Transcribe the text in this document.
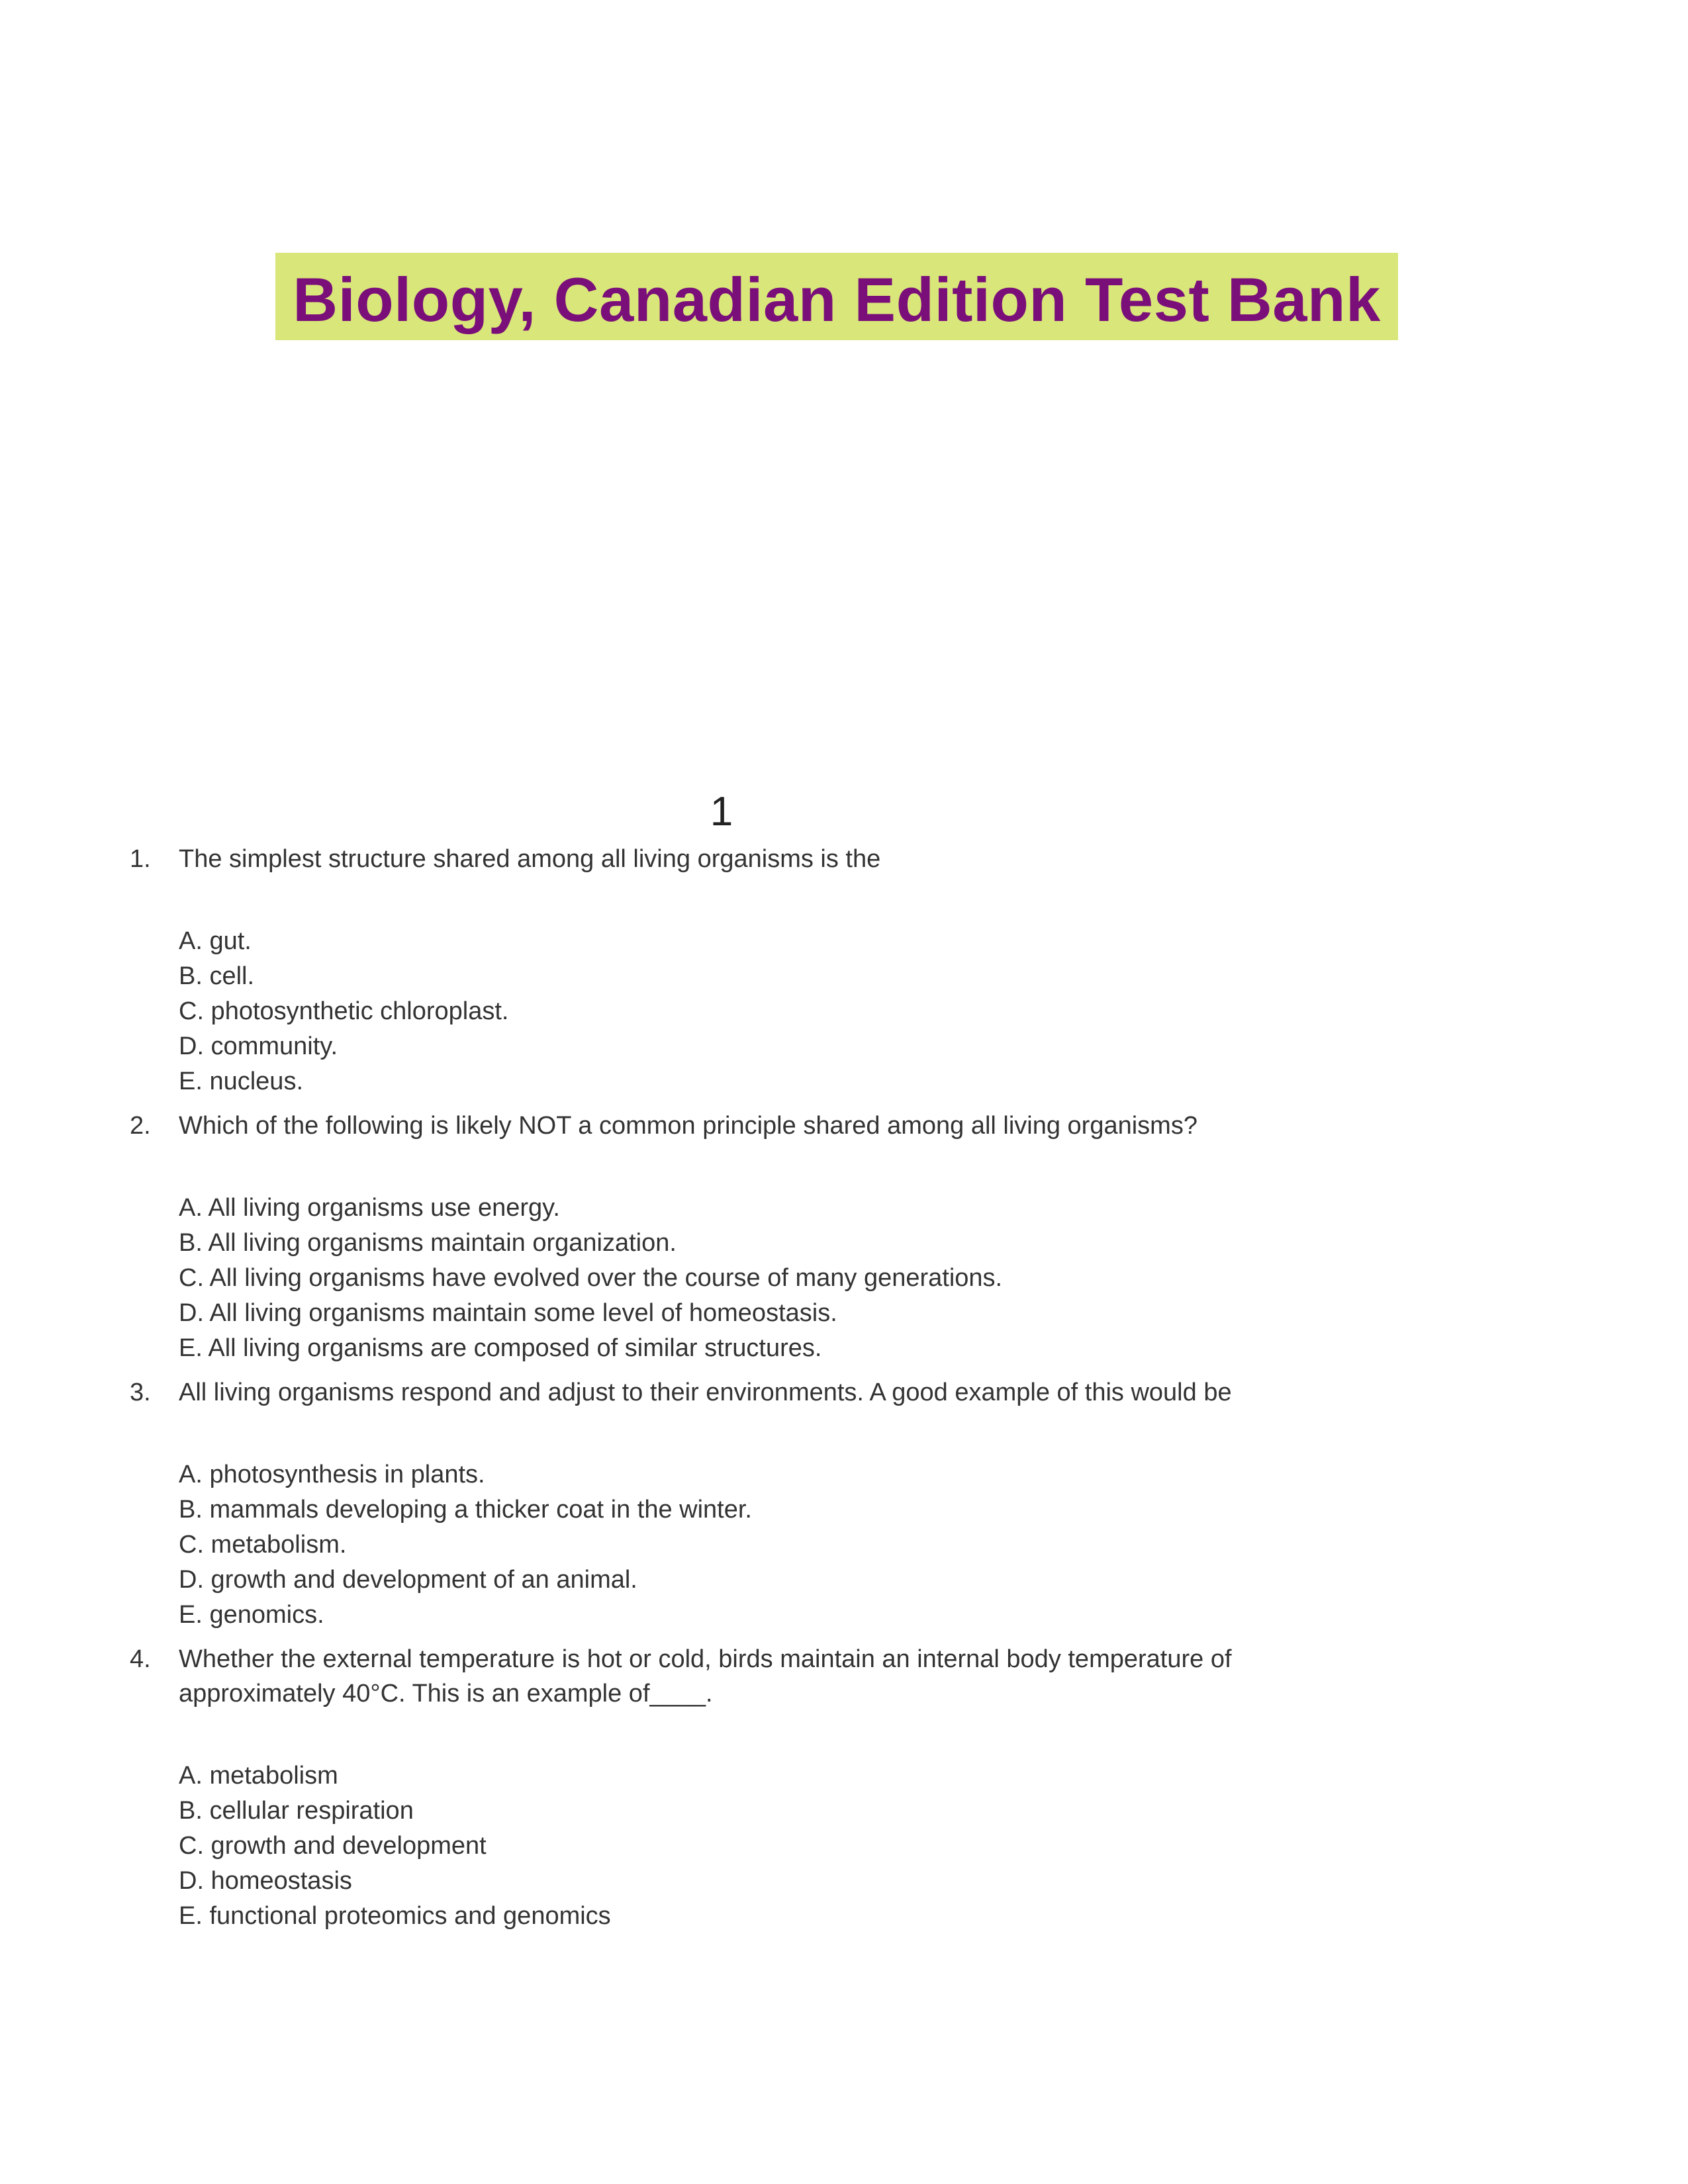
Biology, Canadian Edition Test Bank
1
1. The simplest structure shared among all living organisms is the
A. gut.
B. cell.
C. photosynthetic chloroplast.
D. community.
E. nucleus.
2. Which of the following is likely NOT a common principle shared among all living organisms?
A. All living organisms use energy.
B. All living organisms maintain organization.
C. All living organisms have evolved over the course of many generations.
D. All living organisms maintain some level of homeostasis.
E. All living organisms are composed of similar structures.
3. All living organisms respond and adjust to their environments. A good example of this would be
A. photosynthesis in plants.
B. mammals developing a thicker coat in the winter.
C. metabolism.
D. growth and development of an animal.
E. genomics.
4. Whether the external temperature is hot or cold, birds maintain an internal body temperature of approximately 40°C. This is an example of____.
A. metabolism
B. cellular respiration
C. growth and development
D. homeostasis
E. functional proteomics and genomics
